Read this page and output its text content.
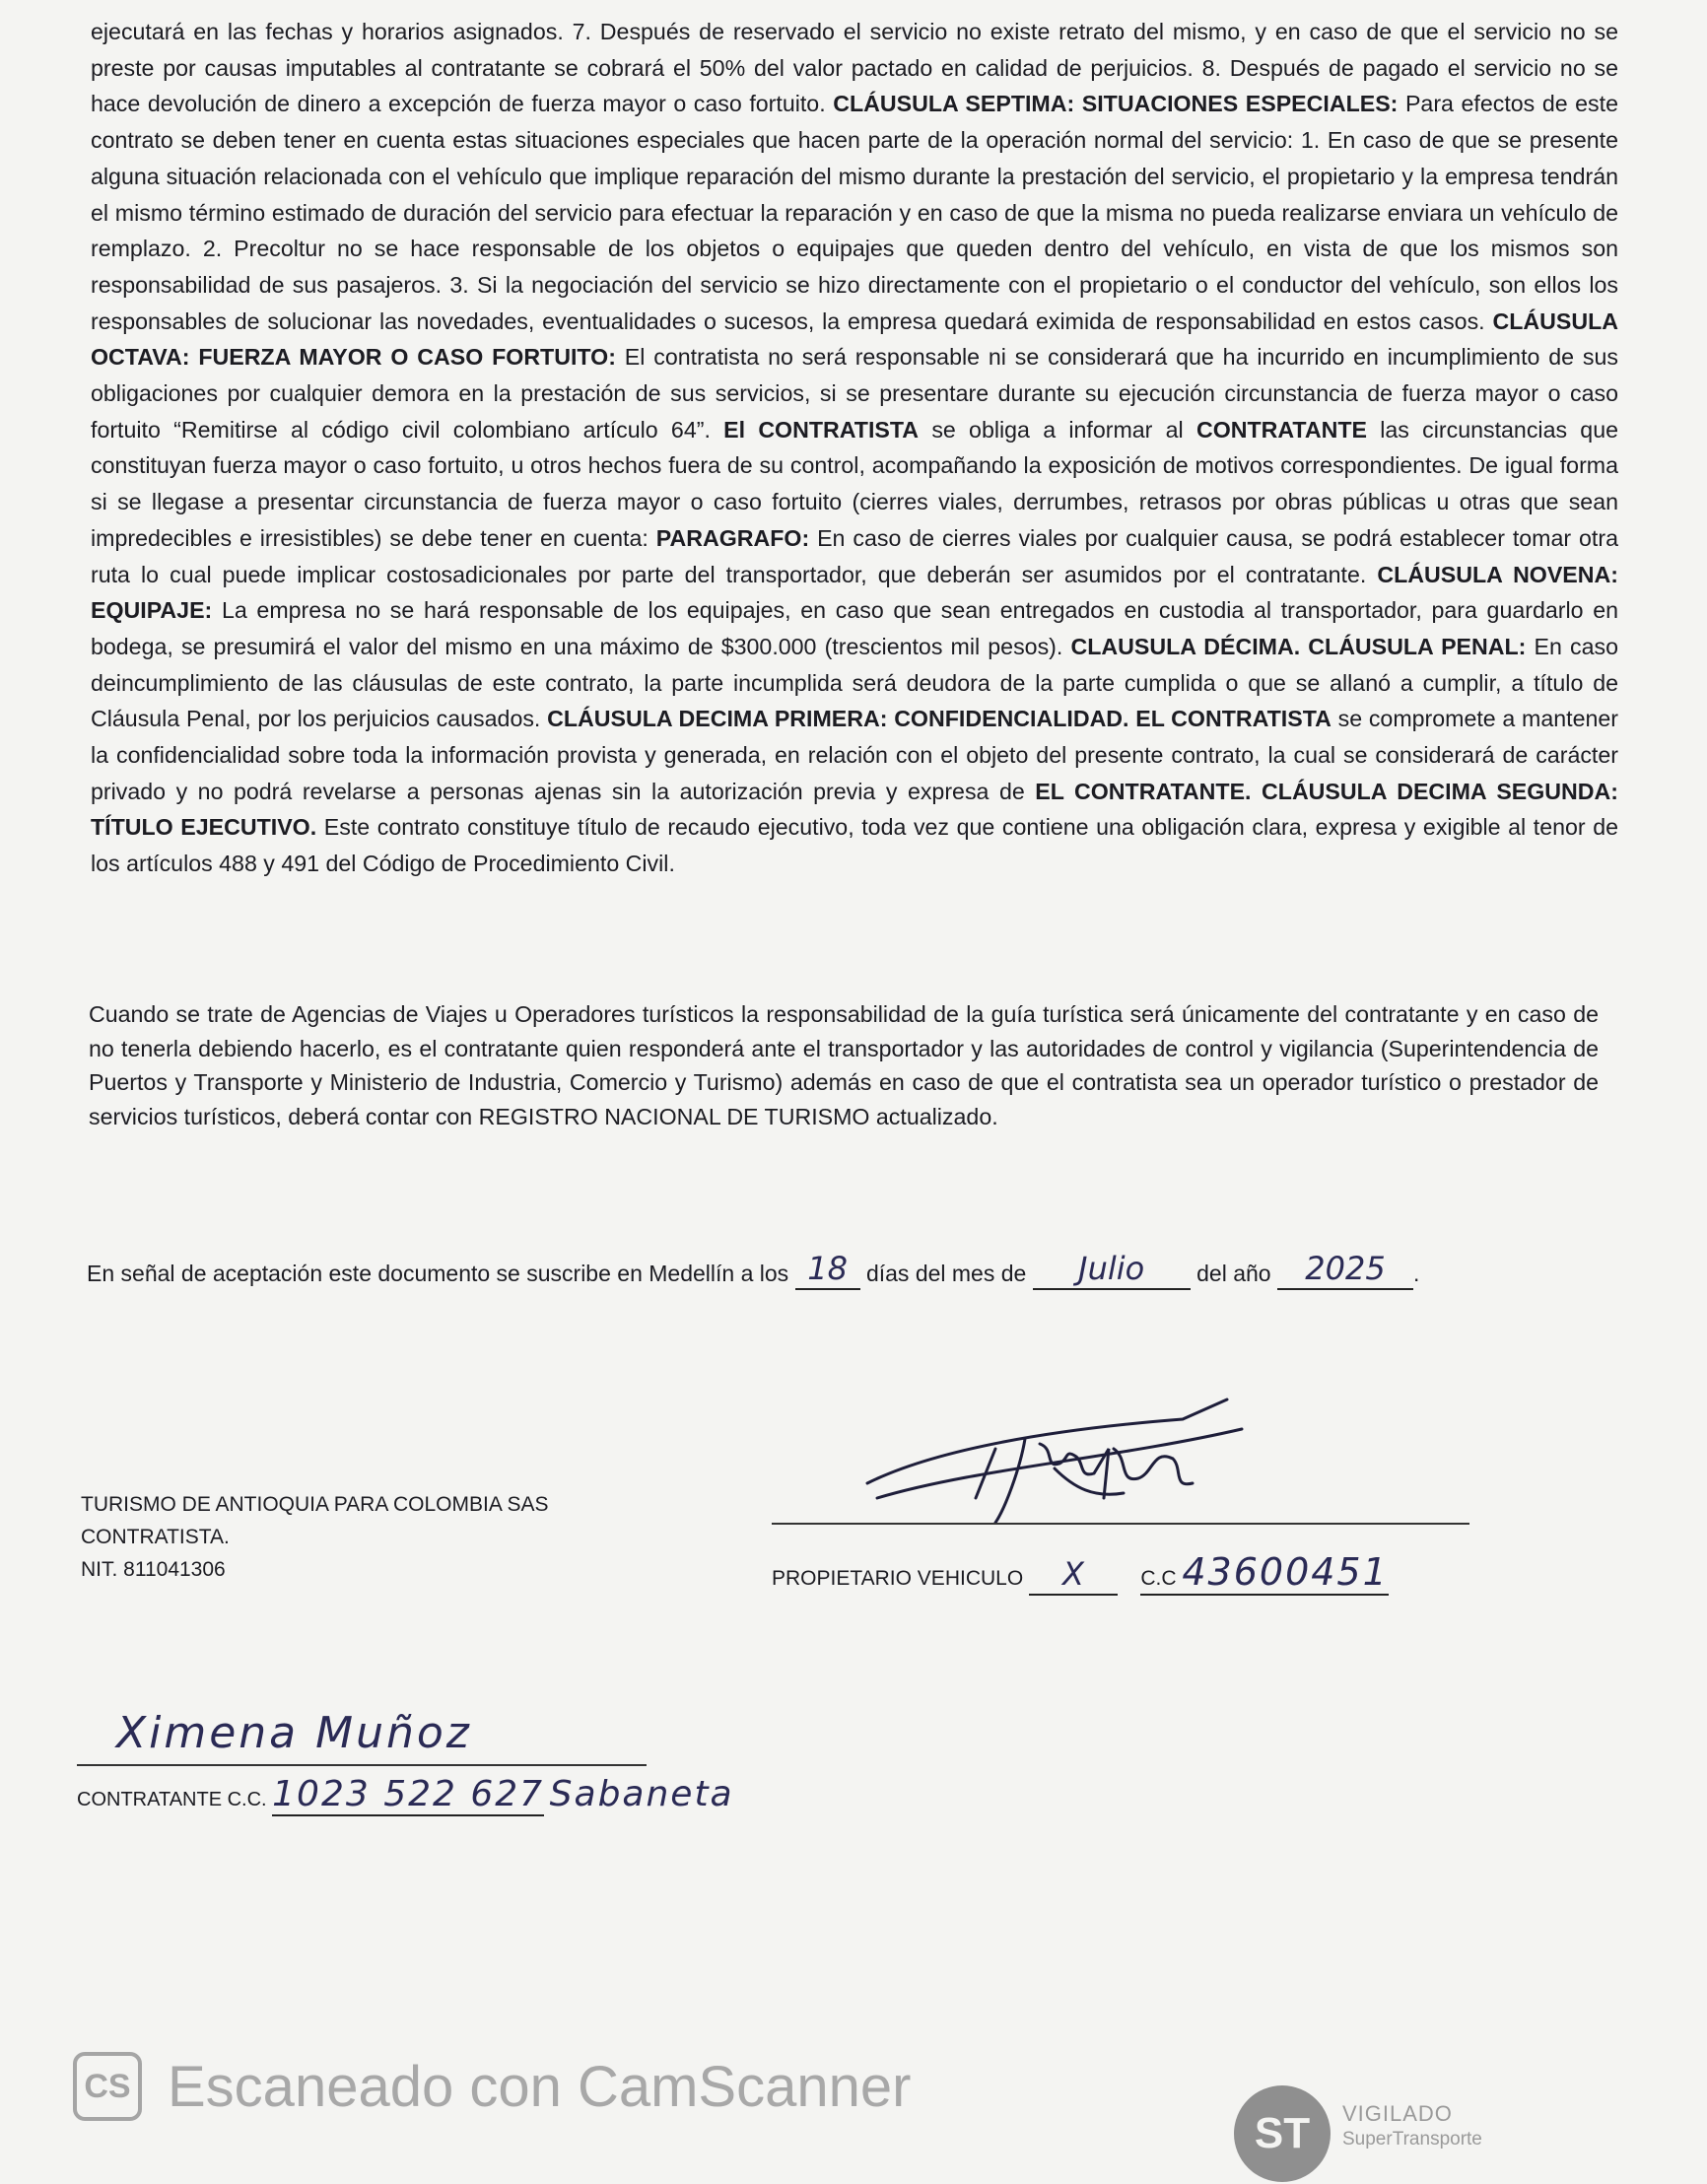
ejecutará en las fechas y horarios asignados. 7. Después de reservado el servicio no existe retrato del mismo, y en caso de que el servicio no se preste por causas imputables al contratante se cobrará el 50% del valor pactado en calidad de perjuicios. 8. Después de pagado el servicio no se hace devolución de dinero a excepción de fuerza mayor o caso fortuito. CLÁUSULA SEPTIMA: SITUACIONES ESPECIALES: Para efectos de este contrato se deben tener en cuenta estas situaciones especiales que hacen parte de la operación normal del servicio: 1. En caso de que se presente alguna situación relacionada con el vehículo que implique reparación del mismo durante la prestación del servicio, el propietario y la empresa tendrán el mismo término estimado de duración del servicio para efectuar la reparación y en caso de que la misma no pueda realizarse enviara un vehículo de remplazo. 2. Precoltur no se hace responsable de los objetos o equipajes que queden dentro del vehículo, en vista de que los mismos son responsabilidad de sus pasajeros. 3. Si la negociación del servicio se hizo directamente con el propietario o el conductor del vehículo, son ellos los responsables de solucionar las novedades, eventualidades o sucesos, la empresa quedará eximida de responsabilidad en estos casos. CLÁUSULA OCTAVA: FUERZA MAYOR O CASO FORTUITO: El contratista no será responsable ni se considerará que ha incurrido en incumplimiento de sus obligaciones por cualquier demora en la prestación de sus servicios, si se presentare durante su ejecución circunstancia de fuerza mayor o caso fortuito “Remitirse al código civil colombiano artículo 64”. El CONTRATISTA se obliga a informar al CONTRATANTE las circunstancias que constituyan fuerza mayor o caso fortuito, u otros hechos fuera de su control, acompañando la exposición de motivos correspondientes. De igual forma si se llegase a presentar circunstancia de fuerza mayor o caso fortuito (cierres viales, derrumbes, retrasos por obras públicas u otras que sean impredecibles e irresistibles) se debe tener en cuenta: PARAGRAFO: En caso de cierres viales por cualquier causa, se podrá establecer tomar otra ruta lo cual puede implicar costosadicionales por parte del transportador, que deberán ser asumidos por el contratante. CLÁUSULA NOVENA: EQUIPAJE: La empresa no se hará responsable de los equipajes, en caso que sean entregados en custodia al transportador, para guardarlo en bodega, se presumirá el valor del mismo en una máximo de $300.000 (trescientos mil pesos). CLAUSULA DÉCIMA. CLÁUSULA PENAL: En caso deincumplimiento de las cláusulas de este contrato, la parte incumplida será deudora de la parte cumplida o que se allanó a cumplir, a título de Cláusula Penal, por los perjuicios causados. CLÁUSULA DECIMA PRIMERA: CONFIDENCIALIDAD. EL CONTRATISTA se compromete a mantener la confidencialidad sobre toda la información provista y generada, en relación con el objeto del presente contrato, la cual se considerará de carácter privado y no podrá revelarse a personas ajenas sin la autorización previa y expresa de EL CONTRATANTE. CLÁUSULA DECIMA SEGUNDA: TÍTULO EJECUTIVO. Este contrato constituye título de recaudo ejecutivo, toda vez que contiene una obligación clara, expresa y exigible al tenor de los artículos 488 y 491 del Código de Procedimiento Civil.

Cuando se trate de Agencias de Viajes u Operadores turísticos la responsabilidad de la guía turística será únicamente del contratante y en caso de no tenerla debiendo hacerlo, es el contratante quien responderá ante el transportador y las autoridades de control y vigilancia (Superintendencia de Puertos y Transporte y Ministerio de Industria, Comercio y Turismo) además en caso de que el contratista sea un operador turístico o prestador de servicios turísticos, deberá contar con REGISTRO NACIONAL DE TURISMO actualizado.

En señal de aceptación este documento se suscribe en Medellín a los 18 días del mes de Julio del año 2025 .
TURISMO DE ANTIOQUIA PARA COLOMBIA SAS
CONTRATISTA.
NIT. 811041306	PROPIETARIO VEHICULO X	C.C 43600451
Ximena Muñoz
CONTRATANTE C.C. 1023 522 627 Sabaneta
CS Escaneado con CamScanner
ST	VIGILADO
SuperTransporte
